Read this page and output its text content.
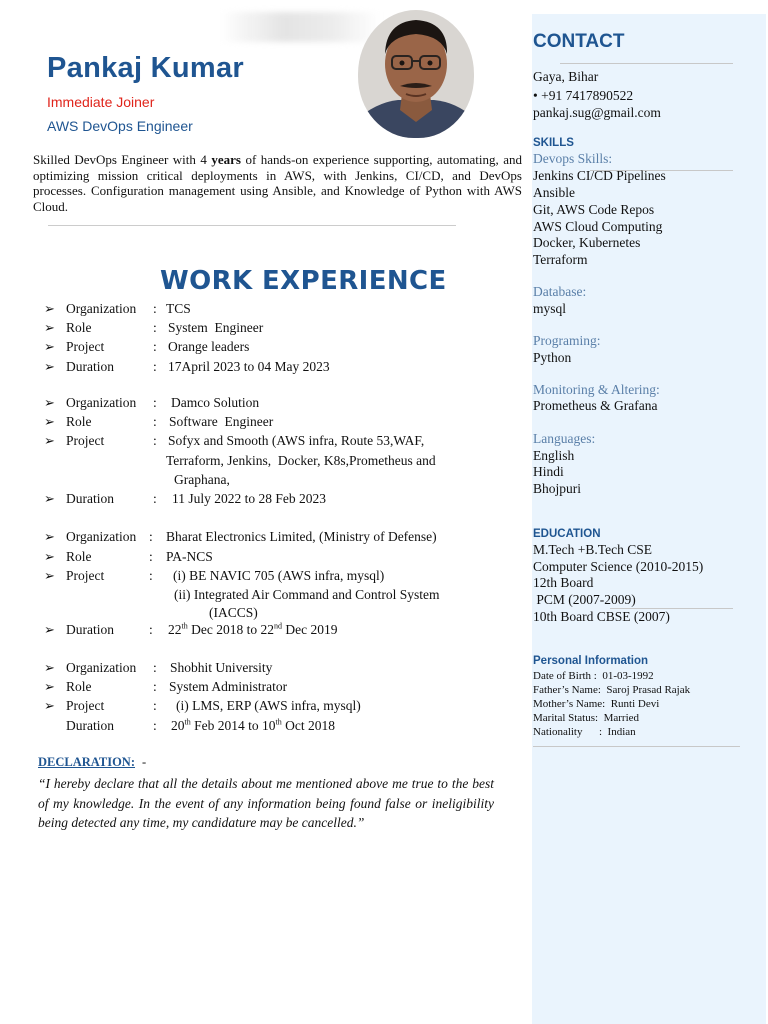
Pankaj Kumar
Immediate Joiner
AWS DevOps Engineer
Skilled DevOps Engineer with 4 years of hands-on experience supporting, automating, and optimizing mission critical deployments in AWS, with Jenkins, CI/CD, and DevOps processes. Configuration management using Ansible, and Knowledge of Python with AWS Cloud.
WORK EXPERIENCE
➢ Organization : TCS
➢ Role	: System  Engineer
➢ Project	: Orange leaders
➢ Duration	: 17April 2023 to 04 May 2023
➢ Organization : Damco Solution
➢ Role	: Software  Engineer
➢ Project	: Sofyx and Smooth (AWS infra, Route 53,WAF,
Terraform, Jenkins,  Docker, K8s,Prometheus and
Graphana,
➢ Duration	: 11 July 2022 to 28 Feb 2023
➢ Organization : Bharat Electronics Limited, (Ministry of Defense)
➢ Role	: PA-NCS
➢ Project	: (i) BE NAVIC 705 (AWS infra, mysql)
(ii) Integrated Air Command and Control System
(IACCS)
➢ Duration	: 22th Dec 2018 to 22nd Dec 2019
➢ Organization : Shobhit University
➢ Role	: System Administrator
➢ Project	: (i) LMS, ERP (AWS infra, mysql)
Duration	: 20th Feb 2014 to 10th Oct 2018
DECLARATION: -
“I hereby declare that all the details about me mentioned above me true to the best of my knowledge. In the event of any information being found false or ineligibility being detected any time, my candidature may be cancelled.”
CONTACT
Gaya, Bihar
• +91 7417890522
pankaj.sug@gmail.com
SKILLS
Devops Skills:
Jenkins CI/CD Pipelines
Ansible
Git, AWS Code Repos
AWS Cloud Computing
Docker, Kubernetes
Terraform
Database:
mysql
Programing:
Python
Monitoring & Altering:
Prometheus & Grafana
Languages:
English
Hindi
Bhojpuri
EDUCATION
M.Tech +B.Tech CSE
Computer Science (2010-2015)
12th Board
PCM (2007-2009)
10th Board CBSE (2007)
Personal Information
Date of Birth :  01-03-1992
Father’s Name:  Saroj Prasad Rajak
Mother’s Name:  Runti Devi
Marital Status:  Married
Nationality      :  Indian
